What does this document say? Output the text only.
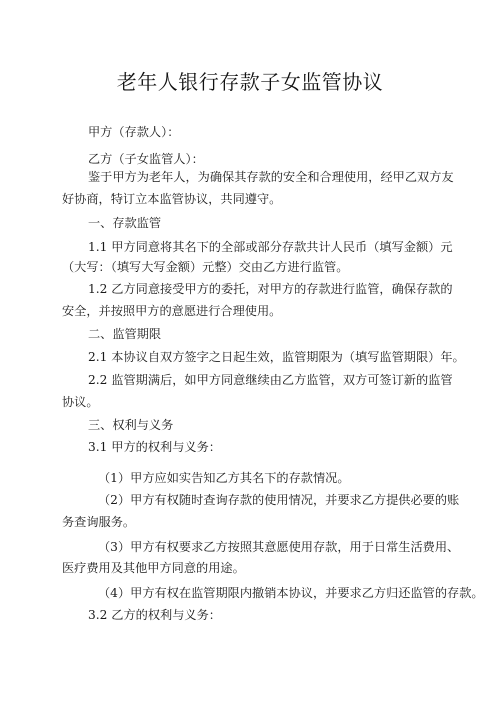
老年人银行存款子女监管协议
甲方（存款人）：
乙方（子女监管人）：
鉴于甲方为老年人，为确保其存款的安全和合理使用，经甲乙双方友
好协商，特订立本监管协议，共同遵守。
一、存款监管
1.1 甲方同意将其名下的全部或部分存款共计人民币（填写金额）元
（大写：（填写大写金额）元整）交由乙方进行监管。
1.2 乙方同意接受甲方的委托，对甲方的存款进行监管，确保存款的
安全，并按照甲方的意愿进行合理使用。
二、监管期限
2.1 本协议自双方签字之日起生效，监管期限为（填写监管期限）年。
2.2 监管期满后，如甲方同意继续由乙方监管，双方可签订新的监管
协议。
三、权利与义务
3.1 甲方的权利与义务：
（1）甲方应如实告知乙方其名下的存款情况。
（2）甲方有权随时查询存款的使用情况，并要求乙方提供必要的账
务查询服务。
（3）甲方有权要求乙方按照其意愿使用存款，用于日常生活费用、
医疗费用及其他甲方同意的用途。
（4）甲方有权在监管期限内撤销本协议，并要求乙方归还监管的存款。
3.2 乙方的权利与义务：
